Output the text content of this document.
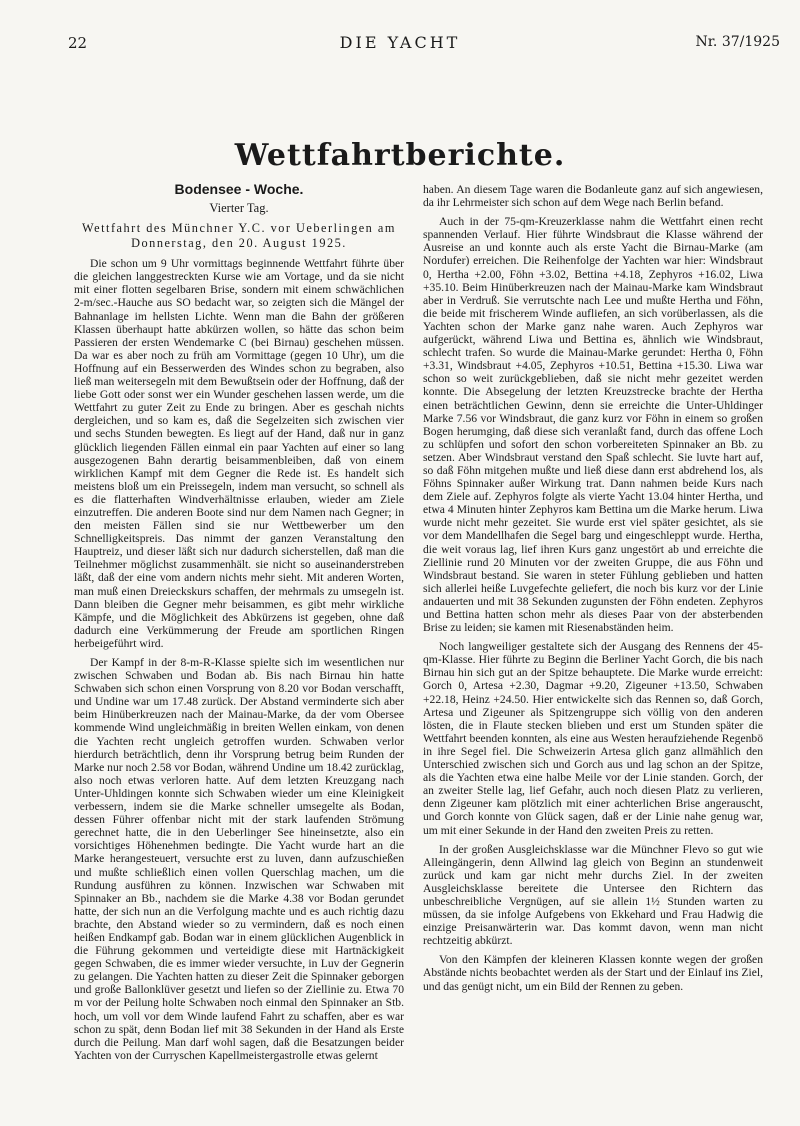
22	DIE YACHT	Nr. 37/1925
Wettfahrtberichte.

Bodensee - Woche.

Vierter Tag.

Wettfahrt des Münchner Y.C. vor Ueberlingen am Donnerstag, den 20. August 1925.

Die schon um 9 Uhr vormittags beginnende Wettfahrt führte über die gleichen langgestreckten Kurse wie am Vortage, und da sie nicht mit einer flotten segelbaren Brise, sondern mit einem schwächlichen 2-m/sec.-Hauche aus SO bedacht war, so zeigten sich die Mängel der Bahnanlage im hellsten Lichte. Wenn man die Bahn der größeren Klassen überhaupt hatte abkürzen wollen, so hätte das schon beim Passieren der ersten Wendemarke C (bei Birnau) geschehen müssen. Da war es aber noch zu früh am Vormittage (gegen 10 Uhr), um die Hoffnung auf ein Besserwerden des Windes schon zu begraben, also ließ man weitersegeln mit dem Bewußtsein oder der Hoffnung, daß der liebe Gott oder sonst wer ein Wunder geschehen lassen werde, um die Wettfahrt zu guter Zeit zu Ende zu bringen. Aber es geschah nichts dergleichen, und so kam es, daß die Segelzeiten sich zwischen vier und sechs Stunden bewegten. Es liegt auf der Hand, daß nur in ganz glücklich liegenden Fällen einmal ein paar Yachten auf einer so lang ausgezogenen Bahn derartig beisammenbleiben, daß von einem wirklichen Kampf mit dem Gegner die Rede ist. Es handelt sich meistens bloß um ein Preissegeln, indem man versucht, so schnell als es die flatterhaften Windverhältnisse erlauben, wieder am Ziele einzutreffen. Die anderen Boote sind nur dem Namen nach Gegner; in den meisten Fällen sind sie nur Wettbewerber um den Schnelligkeitspreis. Das nimmt der ganzen Veranstaltung den Hauptreiz, und dieser läßt sich nur dadurch sicherstellen, daß man die Teilnehmer möglichst zusammenhält. sie nicht so auseinanderstreben läßt, daß der eine vom andern nichts mehr sieht. Mit anderen Worten, man muß einen Dreieckskurs schaffen, der mehrmals zu umsegeln ist. Dann bleiben die Gegner mehr beisammen, es gibt mehr wirkliche Kämpfe, und die Möglichkeit des Abkürzens ist gegeben, ohne daß dadurch eine Verkümmerung der Freude am sportlichen Ringen herbeigeführt wird.

Der Kampf in der 8-m-R-Klasse spielte sich im wesentlichen nur zwischen Schwaben und Bodan ab. Bis nach Birnau hin hatte Schwaben sich schon einen Vorsprung von 8.20 vor Bodan verschafft, und Undine war um 17.48 zurück. Der Abstand verminderte sich aber beim Hinüberkreuzen nach der Mainau-Marke, da der vom Obersee kommende Wind ungleichmäßig in breiten Wellen einkam, von denen die Yachten recht ungleich getroffen wurden. Schwaben verlor hierdurch beträchtlich, denn ihr Vorsprung betrug beim Runden der Marke nur noch 2.58 vor Bodan, während Undine um 18.42 zurücklag, also noch etwas verloren hatte. Auf dem letzten Kreuzgang nach Unter-Uhldingen konnte sich Schwaben wieder um eine Kleinigkeit verbessern, indem sie die Marke schneller umsegelte als Bodan, dessen Führer offenbar nicht mit der stark laufenden Strömung gerechnet hatte, die in den Ueberlinger See hineinsetzte, also ein vorsichtiges Höhenehmen bedingte. Die Yacht wurde hart an die Marke herangesteuert, versuchte erst zu luven, dann aufzuschießen und mußte schließlich einen vollen Querschlag machen, um die Rundung ausführen zu können. Inzwischen war Schwaben mit Spinnaker an Bb., nachdem sie die Marke 4.38 vor Bodan gerundet hatte, der sich nun an die Verfolgung machte und es auch richtig dazu brachte, den Abstand wieder so zu vermindern, daß es noch einen heißen Endkampf gab. Bodan war in einem glücklichen Augenblick in die Führung gekommen und verteidigte diese mit Hartnäckigkeit gegen Schwaben, die es immer wieder versuchte, in Luv der Gegnerin zu gelangen. Die Yachten hatten zu dieser Zeit die Spinnaker geborgen und große Ballonklüver gesetzt und liefen so der Ziellinie zu. Etwa 70 m vor der Peilung holte Schwaben noch einmal den Spinnaker an Stb. hoch, um voll vor dem Winde laufend Fahrt zu schaffen, aber es war schon zu spät, denn Bodan lief mit 38 Sekunden in der Hand als Erste durch die Peilung. Man darf wohl sagen, daß die Besatzungen beider Yachten von der Curryschen Kapellmeistergastrolle etwas gelernt

haben. An diesem Tage waren die Bodanleute ganz auf sich angewiesen, da ihr Lehrmeister sich schon auf dem Wege nach Berlin befand.

Auch in der 75-qm-Kreuzerklasse nahm die Wettfahrt einen recht spannenden Verlauf. Hier führte Windsbraut die Klasse während der Ausreise an und konnte auch als erste Yacht die Birnau-Marke (am Nordufer) erreichen. Die Reihenfolge der Yachten war hier: Windsbraut 0, Hertha +2.00, Föhn +3.02, Bettina +4.18, Zephyros +16.02, Liwa +35.10. Beim Hinüberkreuzen nach der Mainau-Marke kam Windsbraut aber in Verdruß. Sie verrutschte nach Lee und mußte Hertha und Föhn, die beide mit frischerem Winde aufliefen, an sich vorüberlassen, als die Yachten schon der Marke ganz nahe waren. Auch Zephyros war aufgerückt, während Liwa und Bettina es, ähnlich wie Windsbraut, schlecht trafen. So wurde die Mainau-Marke gerundet: Hertha 0, Föhn +3.31, Windsbraut +4.05, Zephyros +10.51, Bettina +15.30. Liwa war schon so weit zurückgeblieben, daß sie nicht mehr gezeitet werden konnte. Die Absegelung der letzten Kreuzstrecke brachte der Hertha einen beträchtlichen Gewinn, denn sie erreichte die Unter-Uhldinger Marke 7.56 vor Windsbraut, die ganz kurz vor Föhn in einem so großen Bogen herumging, daß diese sich veranlaßt fand, durch das offene Loch zu schlüpfen und sofort den schon vorbereiteten Spinnaker an Bb. zu setzen. Aber Windsbraut verstand den Spaß schlecht. Sie luvte hart auf, so daß Föhn mitgehen mußte und ließ diese dann erst abdrehend los, als Föhns Spinnaker außer Wirkung trat. Dann nahmen beide Kurs nach dem Ziele auf. Zephyros folgte als vierte Yacht 13.04 hinter Hertha, und etwa 4 Minuten hinter Zephyros kam Bettina um die Marke herum. Liwa wurde nicht mehr gezeitet. Sie wurde erst viel später gesichtet, als sie vor dem Mandellhafen die Segel barg und eingeschleppt wurde. Hertha, die weit voraus lag, lief ihren Kurs ganz ungestört ab und erreichte die Ziellinie rund 20 Minuten vor der zweiten Gruppe, die aus Föhn und Windsbraut bestand. Sie waren in steter Fühlung geblieben und hatten sich allerlei heiße Luvgefechte geliefert, die noch bis kurz vor der Linie andauerten und mit 38 Sekunden zugunsten der Föhn endeten. Zephyros und Bettina hatten schon mehr als dieses Paar von der absterbenden Brise zu leiden; sie kamen mit Riesenabständen heim.

Noch langweiliger gestaltete sich der Ausgang des Rennens der 45-qm-Klasse. Hier führte zu Beginn die Berliner Yacht Gorch, die bis nach Birnau hin sich gut an der Spitze behauptete. Die Marke wurde erreicht: Gorch 0, Artesa +2.30, Dagmar +9.20, Zigeuner +13.50, Schwaben +22.18, Heinz +24.50. Hier entwickelte sich das Rennen so, daß Gorch, Artesa und Zigeuner als Spitzengruppe sich völlig von den anderen lösten, die in Flaute stecken blieben und erst um Stunden später die Wettfahrt beenden konnten, als eine aus Westen heraufziehende Regenbö in ihre Segel fiel. Die Schweizerin Artesa glich ganz allmählich den Unterschied zwischen sich und Gorch aus und lag schon an der Spitze, als die Yachten etwa eine halbe Meile vor der Linie standen. Gorch, der an zweiter Stelle lag, lief Gefahr, auch noch diesen Platz zu verlieren, denn Zigeuner kam plötzlich mit einer achterlichen Brise angerauscht, und Gorch konnte von Glück sagen, daß er der Linie nahe genug war, um mit einer Sekunde in der Hand den zweiten Preis zu retten.

In der großen Ausgleichsklasse war die Münchner Flevo so gut wie Alleingängerin, denn Allwind lag gleich von Beginn an stundenweit zurück und kam gar nicht mehr durchs Ziel. In der zweiten Ausgleichsklasse bereitete die Untersee den Richtern das unbeschreibliche Vergnügen, auf sie allein 1½ Stunden warten zu müssen, da sie infolge Aufgebens von Ekkehard und Frau Hadwig die einzige Preisanwärterin war. Das kommt davon, wenn man nicht rechtzeitig abkürzt.

Von den Kämpfen der kleineren Klassen konnte wegen der großen Abstände nichts beobachtet werden als der Start und der Einlauf ins Ziel, und das genügt nicht, um ein Bild der Rennen zu geben.
